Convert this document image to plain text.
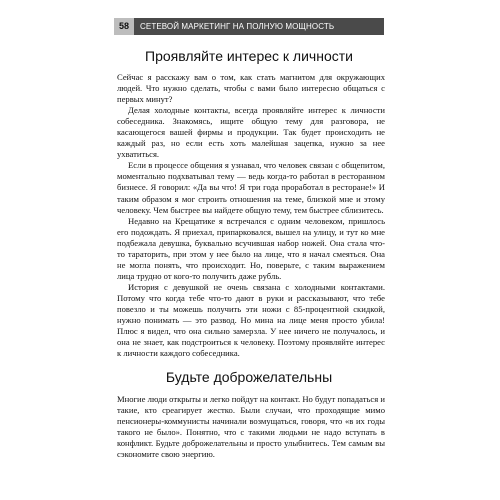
58	СЕТЕВОЙ МАРКЕТИНГ НА ПОЛНУЮ МОЩНОСТЬ
Проявляйте интерес к личности

Сейчас я расскажу вам о том, как стать магнитом для окружающих людей. Что нужно сделать, чтобы с вами было интересно общаться с первых минут?

Делая холодные контакты, всегда проявляйте интерес к личности собеседника. Знакомясь, ищите общую тему для разговора, не касающегося вашей фирмы и продукции. Так будет происходить не каждый раз, но если есть хоть малейшая зацепка, нужно за нее ухватиться.

Если в процессе общения я узнавал, что человек связан с общепитом, моментально подхватывал тему — ведь когда-то работал в ресторанном бизнесе. Я говорил: «Да вы что! Я три года проработал в ресторане!» И таким образом я мог строить отношения на теме, близкой мне и этому человеку. Чем быстрее вы найдете общую тему, тем быстрее сблизитесь.

Недавно на Крещатике я встречался с одним человеком, пришлось его подождать. Я приехал, припарковался, вышел на улицу, и тут ко мне подбежала девушка, буквально всучившая набор ножей. Она стала что-то тараторить, при этом у нее было на лице, что я начал смеяться. Она не могла понять, что происходит. Но, поверьте, с таким выражением лица трудно от кого-то получить даже рубль.

История с девушкой не очень связана с холодными контактами. Потому что когда тебе что-то дают в руки и рассказывают, что тебе повезло и ты можешь получить эти ножи с 85-процентной скидкой, нужно понимать — это развод. Но мина на лице меня просто убила! Плюс я видел, что она сильно замерзла. У нее ничего не получалось, и она не знает, как подстроиться к человеку. Поэтому проявляйте интерес к личности каждого собеседника.

Будьте доброжелательны

Многие люди открыты и легко пойдут на контакт. Но будут попадаться и такие, кто среагирует жестко. Были случаи, что проходящие мимо пенсионеры-коммунисты начинали возмущаться, говоря, что «в их годы такого не было». Понятно, что с такими людьми не надо вступать в конфликт. Будьте доброжелательны и просто улыбнитесь. Тем самым вы сэкономите свою энергию.
